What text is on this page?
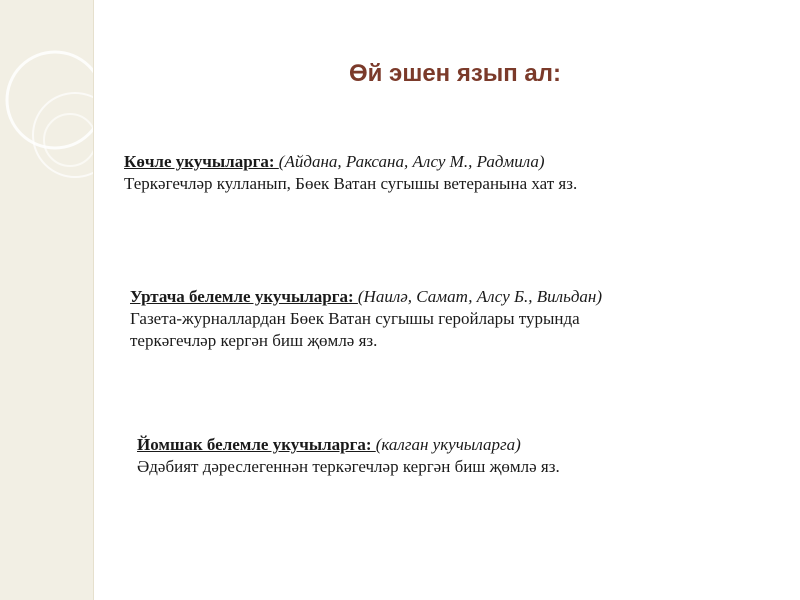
Өй эшен язып ал:
Көчле укучыларга: (Айдана, Раксана, Алсу М., Радмила)
Теркәгечләр кулланып, Бөек Ватан сугышы ветеранына хат яз.
Уртача белемле укучыларга: (Наилә, Самат, Алсу Б., Вильдан)
Газета-журналлардан Бөек Ватан сугышы геройлары турында
теркәгечләр кергән биш җөмлә яз.
Йомшак белемле укучыларга: (калган укучыларга)
Әдәбият дәреслегеннән теркәгечләр кергән биш җөмлә яз.
